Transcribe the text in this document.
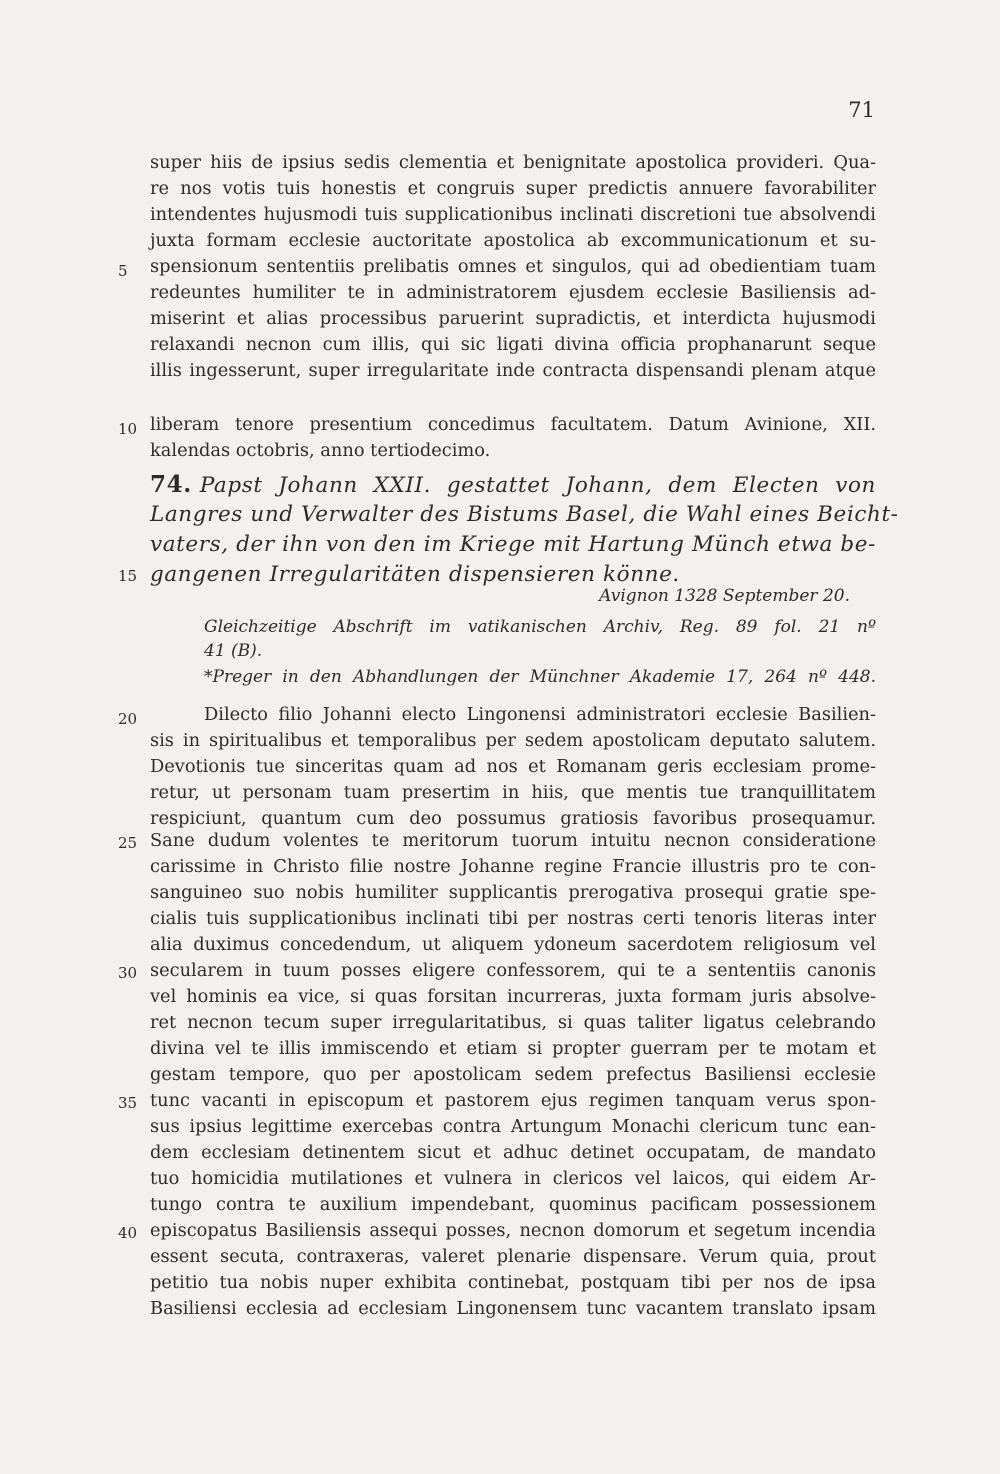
71
super hiis de ipsius sedis clementia et benignitate apostolica provideri. Qua-
re nos votis tuis honestis et congruis super predictis annuere favorabiliter
intendentes hujusmodi tuis supplicationibus inclinati discretioni tue absolvendi
juxta formam ecclesie auctoritate apostolica ab excommunicationum et su-
5	spensionum sententiis prelibatis omnes et singulos, qui ad obedientiam tuam
redeuntes humiliter te in administratorem ejusdem ecclesie Basiliensis ad-
miserint et alias processibus paruerint supradictis, et interdicta hujusmodi
relaxandi necnon cum illis, qui sic ligati divina officia prophanarunt seque
illis ingesserunt, super irregularitate inde contracta dispensandi plenam atque
10 liberam tenore presentium concedimus facultatem. Datum Avinione, XII.
kalendas octobris, anno tertiodecimo.
74. Papst Johann XXII. gestattet Johann, dem Electen von
Langres und Verwalter des Bistums Basel, die Wahl eines Beicht-
vaters, der ihn von den im Kriege mit Hartung Münch etwa be-
15 gangenen Irregularitäten dispensieren könne.
Avignon 1328 September 20.
Gleichzeitige Abschrift im vatikanischen Archiv, Reg. 89 fol. 21 nº
41 (B).
*Preger in den Abhandlungen der Münchner Akademie 17, 264 nº 448.
20	Dilecto filio Johanni electo Lingonensi administratori ecclesie Basilien-
sis in spiritualibus et temporalibus per sedem apostolicam deputato salutem.
Devotionis tue sinceritas quam ad nos et Romanam geris ecclesiam prome-
retur, ut personam tuam presertim in hiis, que mentis tue tranquillitatem
respiciunt, quantum cum deo possumus gratiosis favoribus prosequamur.
25 Sane dudum volentes te meritorum tuorum intuitu necnon consideratione
carissime in Christo filie nostre Johanne regine Francie illustris pro te con-
sanguineo suo nobis humiliter supplicantis prerogativa prosequi gratie spe-
cialis tuis supplicationibus inclinati tibi per nostras certi tenoris literas inter
alia duximus concedendum, ut aliquem ydoneum sacerdotem religiosum vel
30 secularem in tuum posses eligere confessorem, qui te a sententiis canonis
vel hominis ea vice, si quas forsitan incurreras, juxta formam juris absolve-
ret necnon tecum super irregularitatibus, si quas taliter ligatus celebrando
divina vel te illis immiscendo et etiam si propter guerram per te motam et
gestam tempore, quo per apostolicam sedem prefectus Basiliensi ecclesie
35 tunc vacanti in episcopum et pastorem ejus regimen tanquam verus spon-
sus ipsius legittime exercebas contra Artungum Monachi clericum tunc ean-
dem ecclesiam detinentem sicut et adhuc detinet occupatam, de mandato
tuo homicidia mutilationes et vulnera in clericos vel laicos, qui eidem Ar-
tungo contra te auxilium impendebant, quominus pacificam possessionem
40 episcopatus Basiliensis assequi posses, necnon domorum et segetum incendia
essent secuta, contraxeras, valeret plenarie dispensare. Verum quia, prout
petitio tua nobis nuper exhibita continebat, postquam tibi per nos de ipsa
Basiliensi ecclesia ad ecclesiam Lingonensem tunc vacantem translato ipsam
